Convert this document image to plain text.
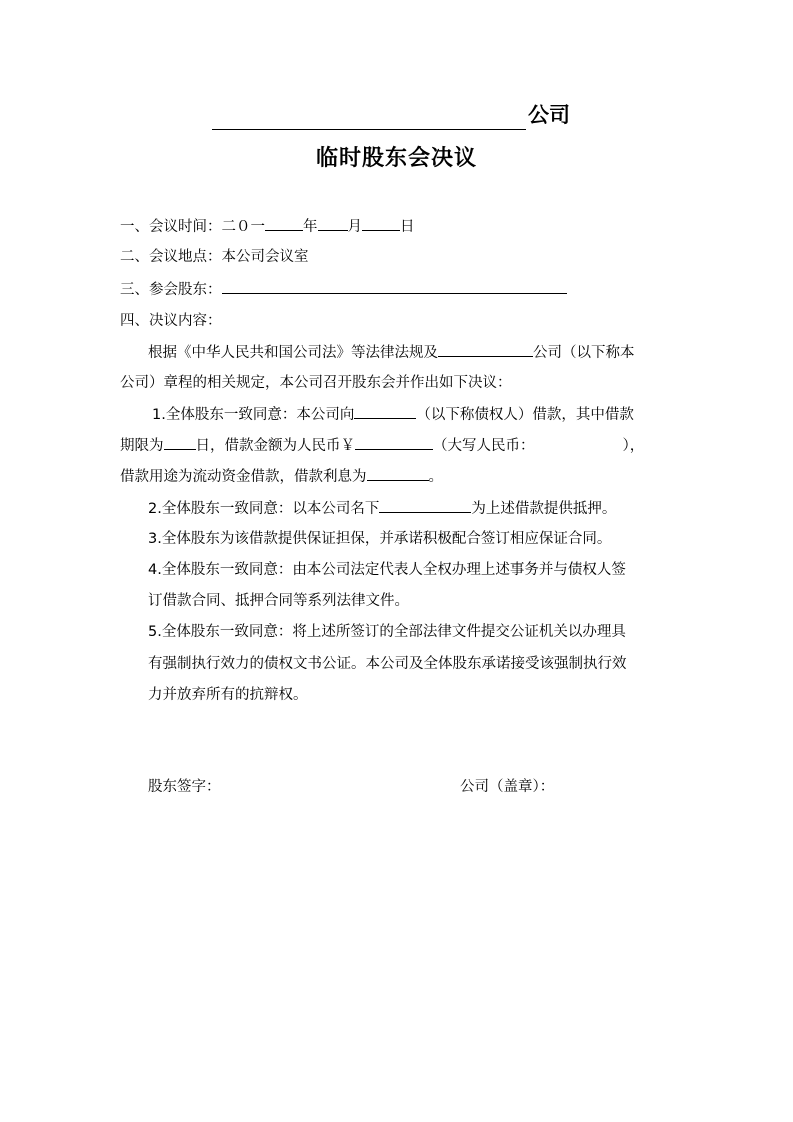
公司
临时股东会决议
一、会议时间：二０一	年 月	日
二、会议地点：本公司会议室
三、参会股东：
四、决议内容：
根据《中华人民共和国公司法》等法律法规及	公司（以下称本
公司）章程的相关规定，本公司召开股东会并作出如下决议：
1.全体股东一致同意：本公司向	（以下称债权人）借款，其中借款
期限为 日，借款金额为人民币￥	（大写人民币：	），
借款用途为流动资金借款，借款利息为	。
2.全体股东一致同意：以本公司名下	为上述借款提供抵押。
3.全体股东为该借款提供保证担保，并承诺积极配合签订相应保证合同。
4.全体股东一致同意：由本公司法定代表人全权办理上述事务并与债权人签
订借款合同、抵押合同等系列法律文件。
5.全体股东一致同意：将上述所签订的全部法律文件提交公证机关以办理具
有强制执行效力的债权文书公证。本公司及全体股东承诺接受该强制执行效
力并放弃所有的抗辩权。
股东签字：	公司（盖章）：
